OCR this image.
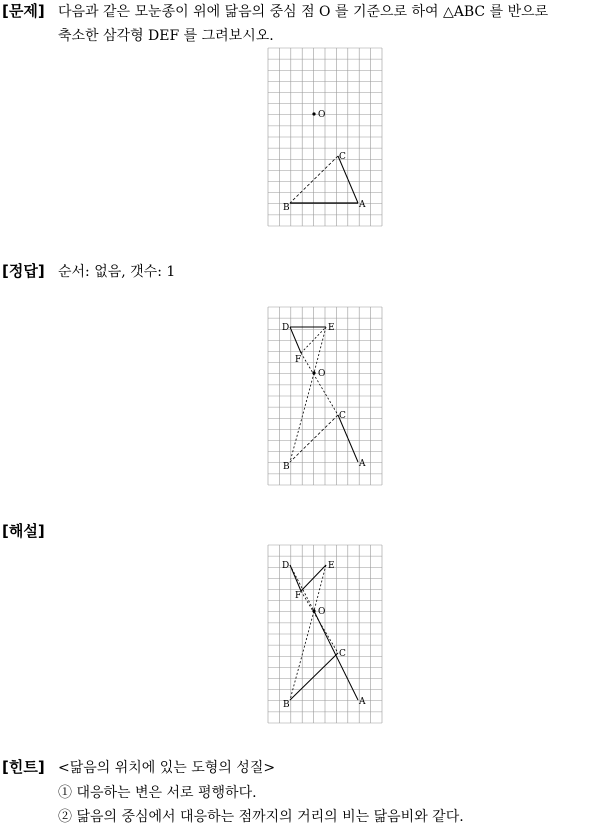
[문제] 다음과 같은 모눈종이 위에 닮음의 중심 점 O 를 기준으로 하여 △ABC 를 반으로
축소한 삼각형 DEF 를 그려보시오.
O
C
B	A
[정답] 순서: 없음, 갯수: 1
D	E
F
O
C
B	A
[해설]
D	E
F
O
C
B	A
[힌트] <닮음의 위치에 있는 도형의 성질>
① 대응하는 변은 서로 평행하다.
② 닮음의 중심에서 대응하는 점까지의 거리의 비는 닮음비와 같다.
